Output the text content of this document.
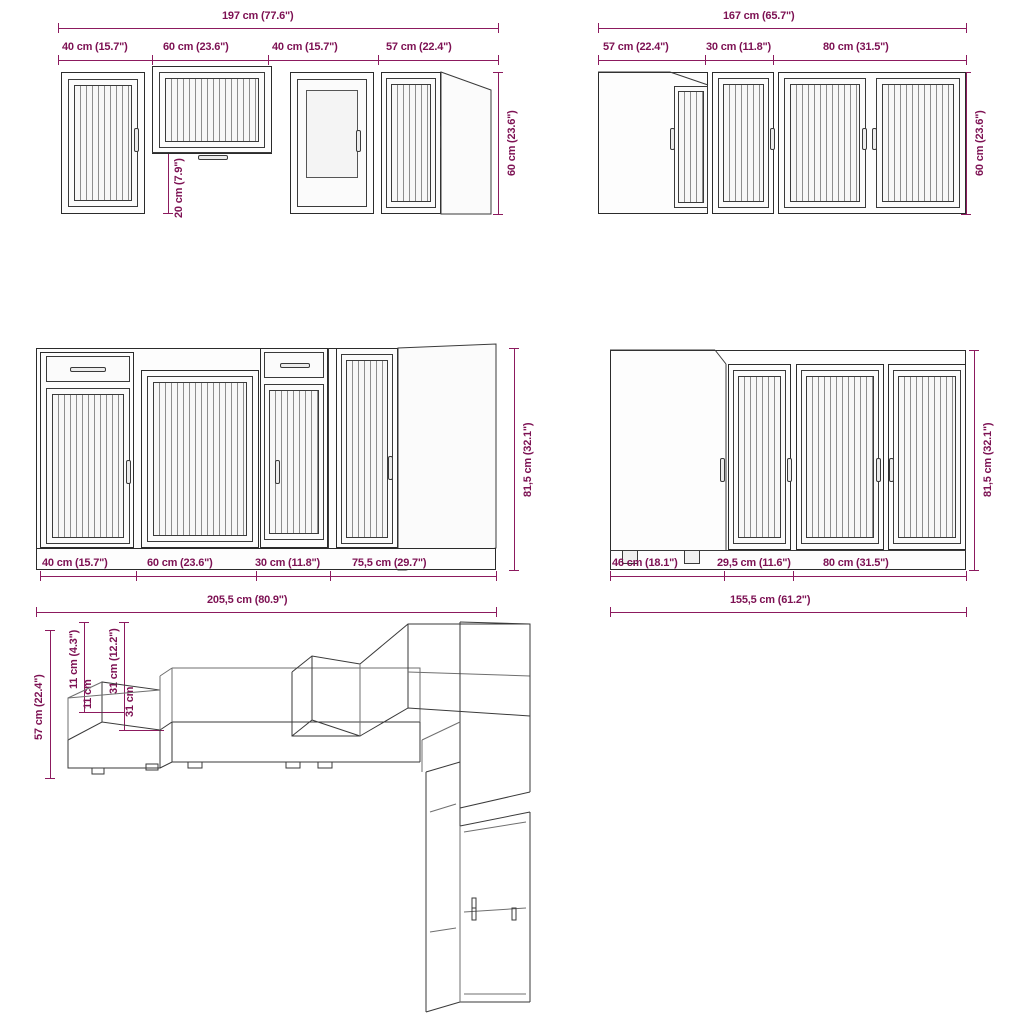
197 cm (77.6")
40 cm (15.7")	60 cm (23.6")	40 cm (15.7")	57 cm (22.4")
60 cm (23.6")
20 cm (7.9")
167 cm (65.7")
57 cm (22.4")	30 cm (11.8")	80 cm (31.5")
60 cm (23.6")
40 cm (15.7")	60 cm (23.6")	30 cm (11.8")	75,5 cm (29.7")
205,5 cm (80.9")
81,5 cm (32.1")
46 cm (18.1")	29,5 cm (11.6")	80 cm (31.5")
155,5 cm (61.2")
81,5 cm (32.1")
57 cm (22.4")
11 cm (4.3")
11 cm
31 cm (12.2")
31 cm
